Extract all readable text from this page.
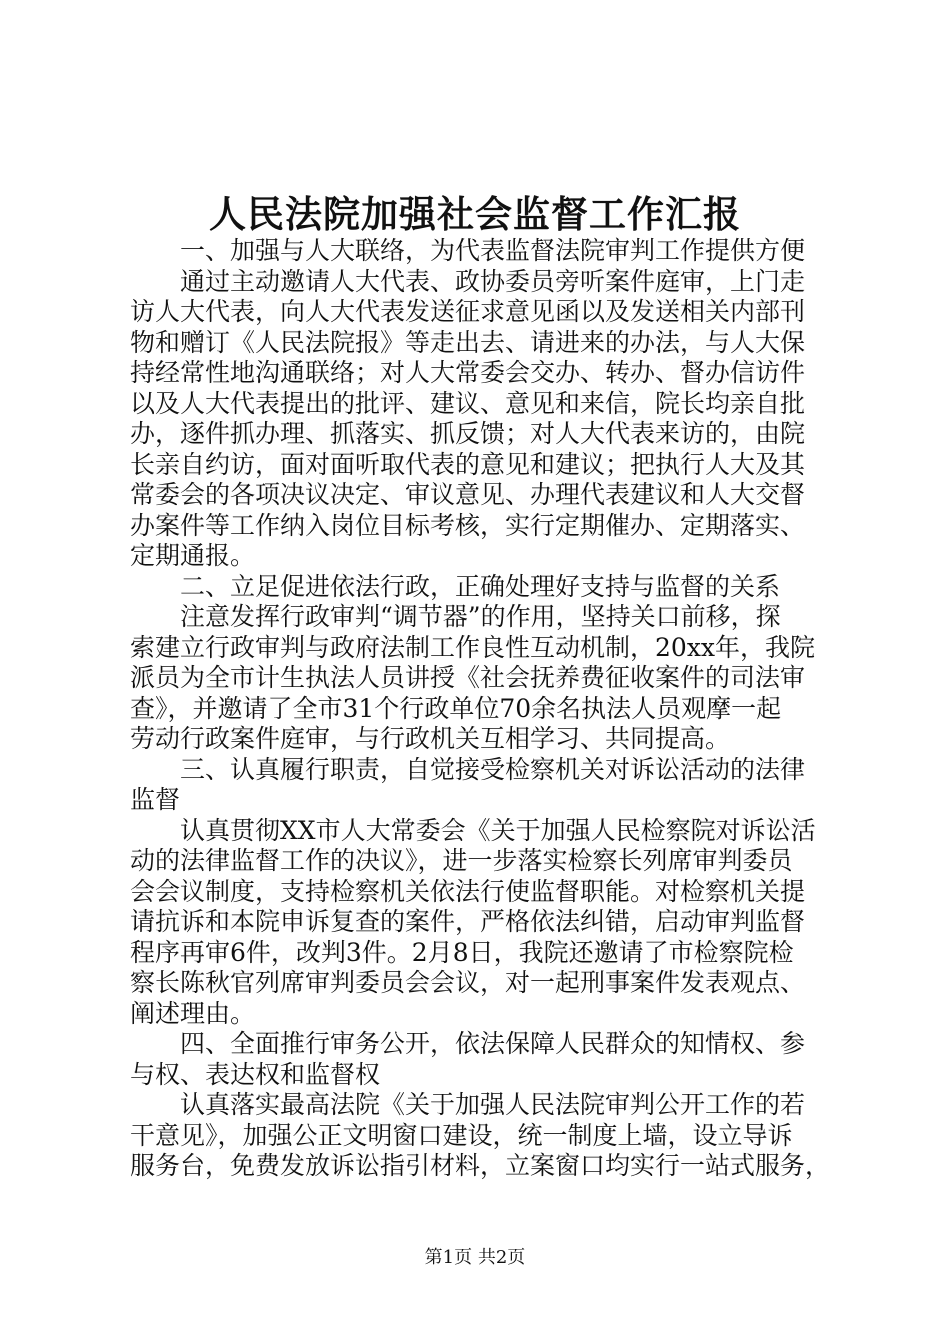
人民法院加强社会监督工作汇报
一、加强与人大联络，为代表监督法院审判工作提供方便
通过主动邀请人大代表、政协委员旁听案件庭审，上门走
访人大代表，向人大代表发送征求意见函以及发送相关内部刊
物和赠订《人民法院报》等走出去、请进来的办法，与人大保
持经常性地沟通联络；对人大常委会交办、转办、督办信访件
以及人大代表提出的批评、建议、意见和来信，院长均亲自批
办，逐件抓办理、抓落实、抓反馈；对人大代表来访的，由院
长亲自约访，面对面听取代表的意见和建议；把执行人大及其
常委会的各项决议决定、审议意见、办理代表建议和人大交督
办案件等工作纳入岗位目标考核，实行定期催办、定期落实、
定期通报。
二、立足促进依法行政，正确处理好支持与监督的关系
注意发挥行政审判“调节器”的作用，坚持关口前移，探
索建立行政审判与政府法制工作良性互动机制，20xx年，我院
派员为全市计生执法人员讲授《社会抚养费征收案件的司法审
查》，并邀请了全市31个行政单位70余名执法人员观摩一起
劳动行政案件庭审，与行政机关互相学习、共同提高。
三、认真履行职责，自觉接受检察机关对诉讼活动的法律
监督
认真贯彻XX市人大常委会《关于加强人民检察院对诉讼活
动的法律监督工作的决议》，进一步落实检察长列席审判委员
会会议制度，支持检察机关依法行使监督职能。对检察机关提
请抗诉和本院申诉复查的案件，严格依法纠错，启动审判监督
程序再审6件，改判3件。2月8日，我院还邀请了市检察院检
察长陈秋官列席审判委员会会议，对一起刑事案件发表观点、
阐述理由。
四、全面推行审务公开，依法保障人民群众的知情权、参
与权、表达权和监督权
认真落实最高法院《关于加强人民法院审判公开工作的若
干意见》，加强公正文明窗口建设，统一制度上墙，设立导诉
服务台，免费发放诉讼指引材料，立案窗口均实行一站式服务，
第1页 共2页
